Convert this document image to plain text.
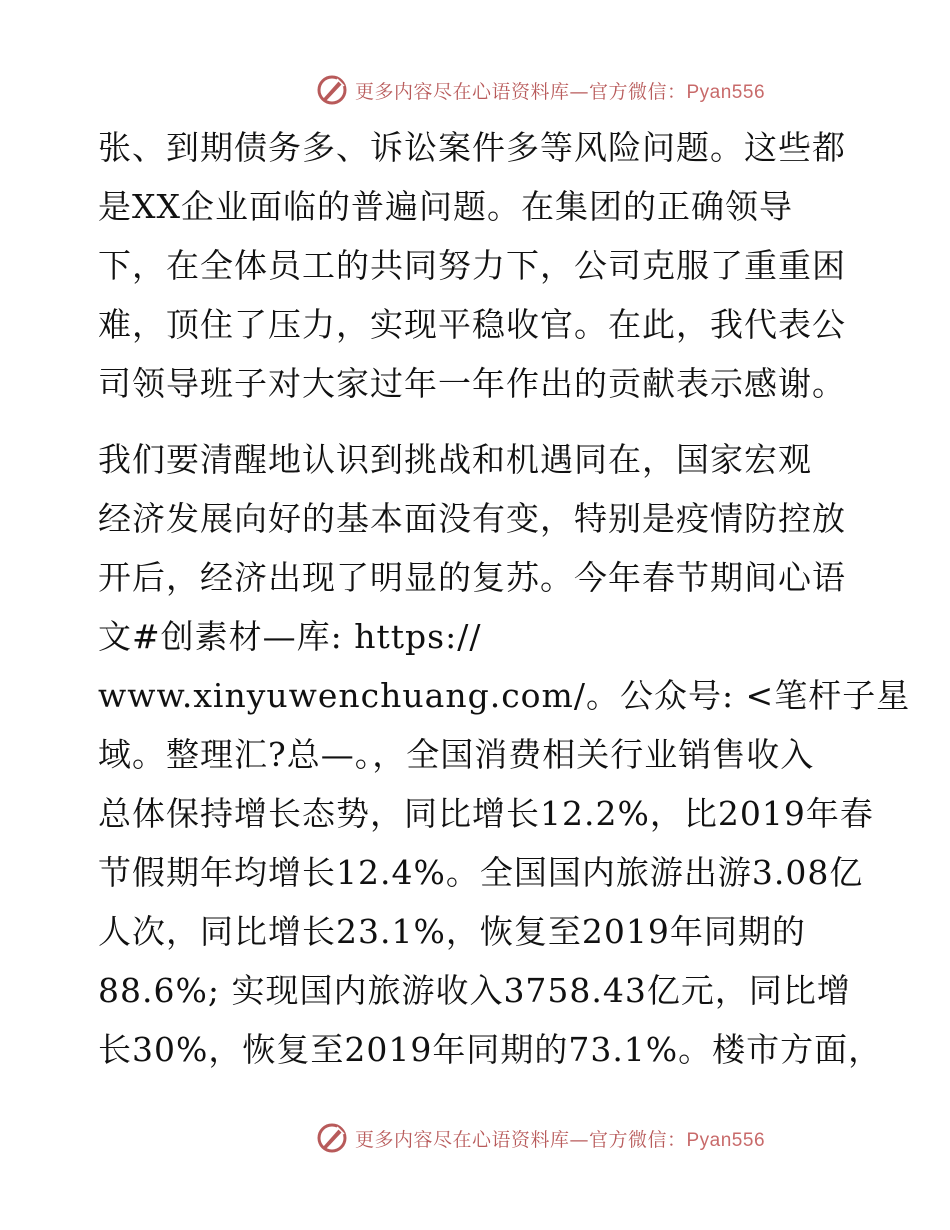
更多内容尽在心语资料库—官方微信：Pyan556
张、到期债务多、诉讼案件多等风险问题。这些都
是XX企业面临的普遍问题。在集团的正确领导
下，在全体员工的共同努力下，公司克服了重重困
难，顶住了压力，实现平稳收官。在此，我代表公
司领导班子对大家过年一年作出的贡献表示感谢。
我们要清醒地认识到挑战和机遇同在，国家宏观
经济发展向好的基本面没有变，特别是疫情防控放
开后，经济出现了明显的复苏。今年春节期间心语
文#创素材—库: https://
www.xinyuwenchuang.com/。公众号: <笔杆子星
域。整理汇?总—。，全国消费相关行业销售收入
总体保持增长态势，同比增长12.2%，比2019年春
节假期年均增长12.4%。全国国内旅游出游3.08亿
人次，同比增长23.1%，恢复至2019年同期的
88.6%; 实现国内旅游收入3758.43亿元，同比增
长30%，恢复至2019年同期的73.1%。楼市方面，
更多内容尽在心语资料库—官方微信：Pyan556
